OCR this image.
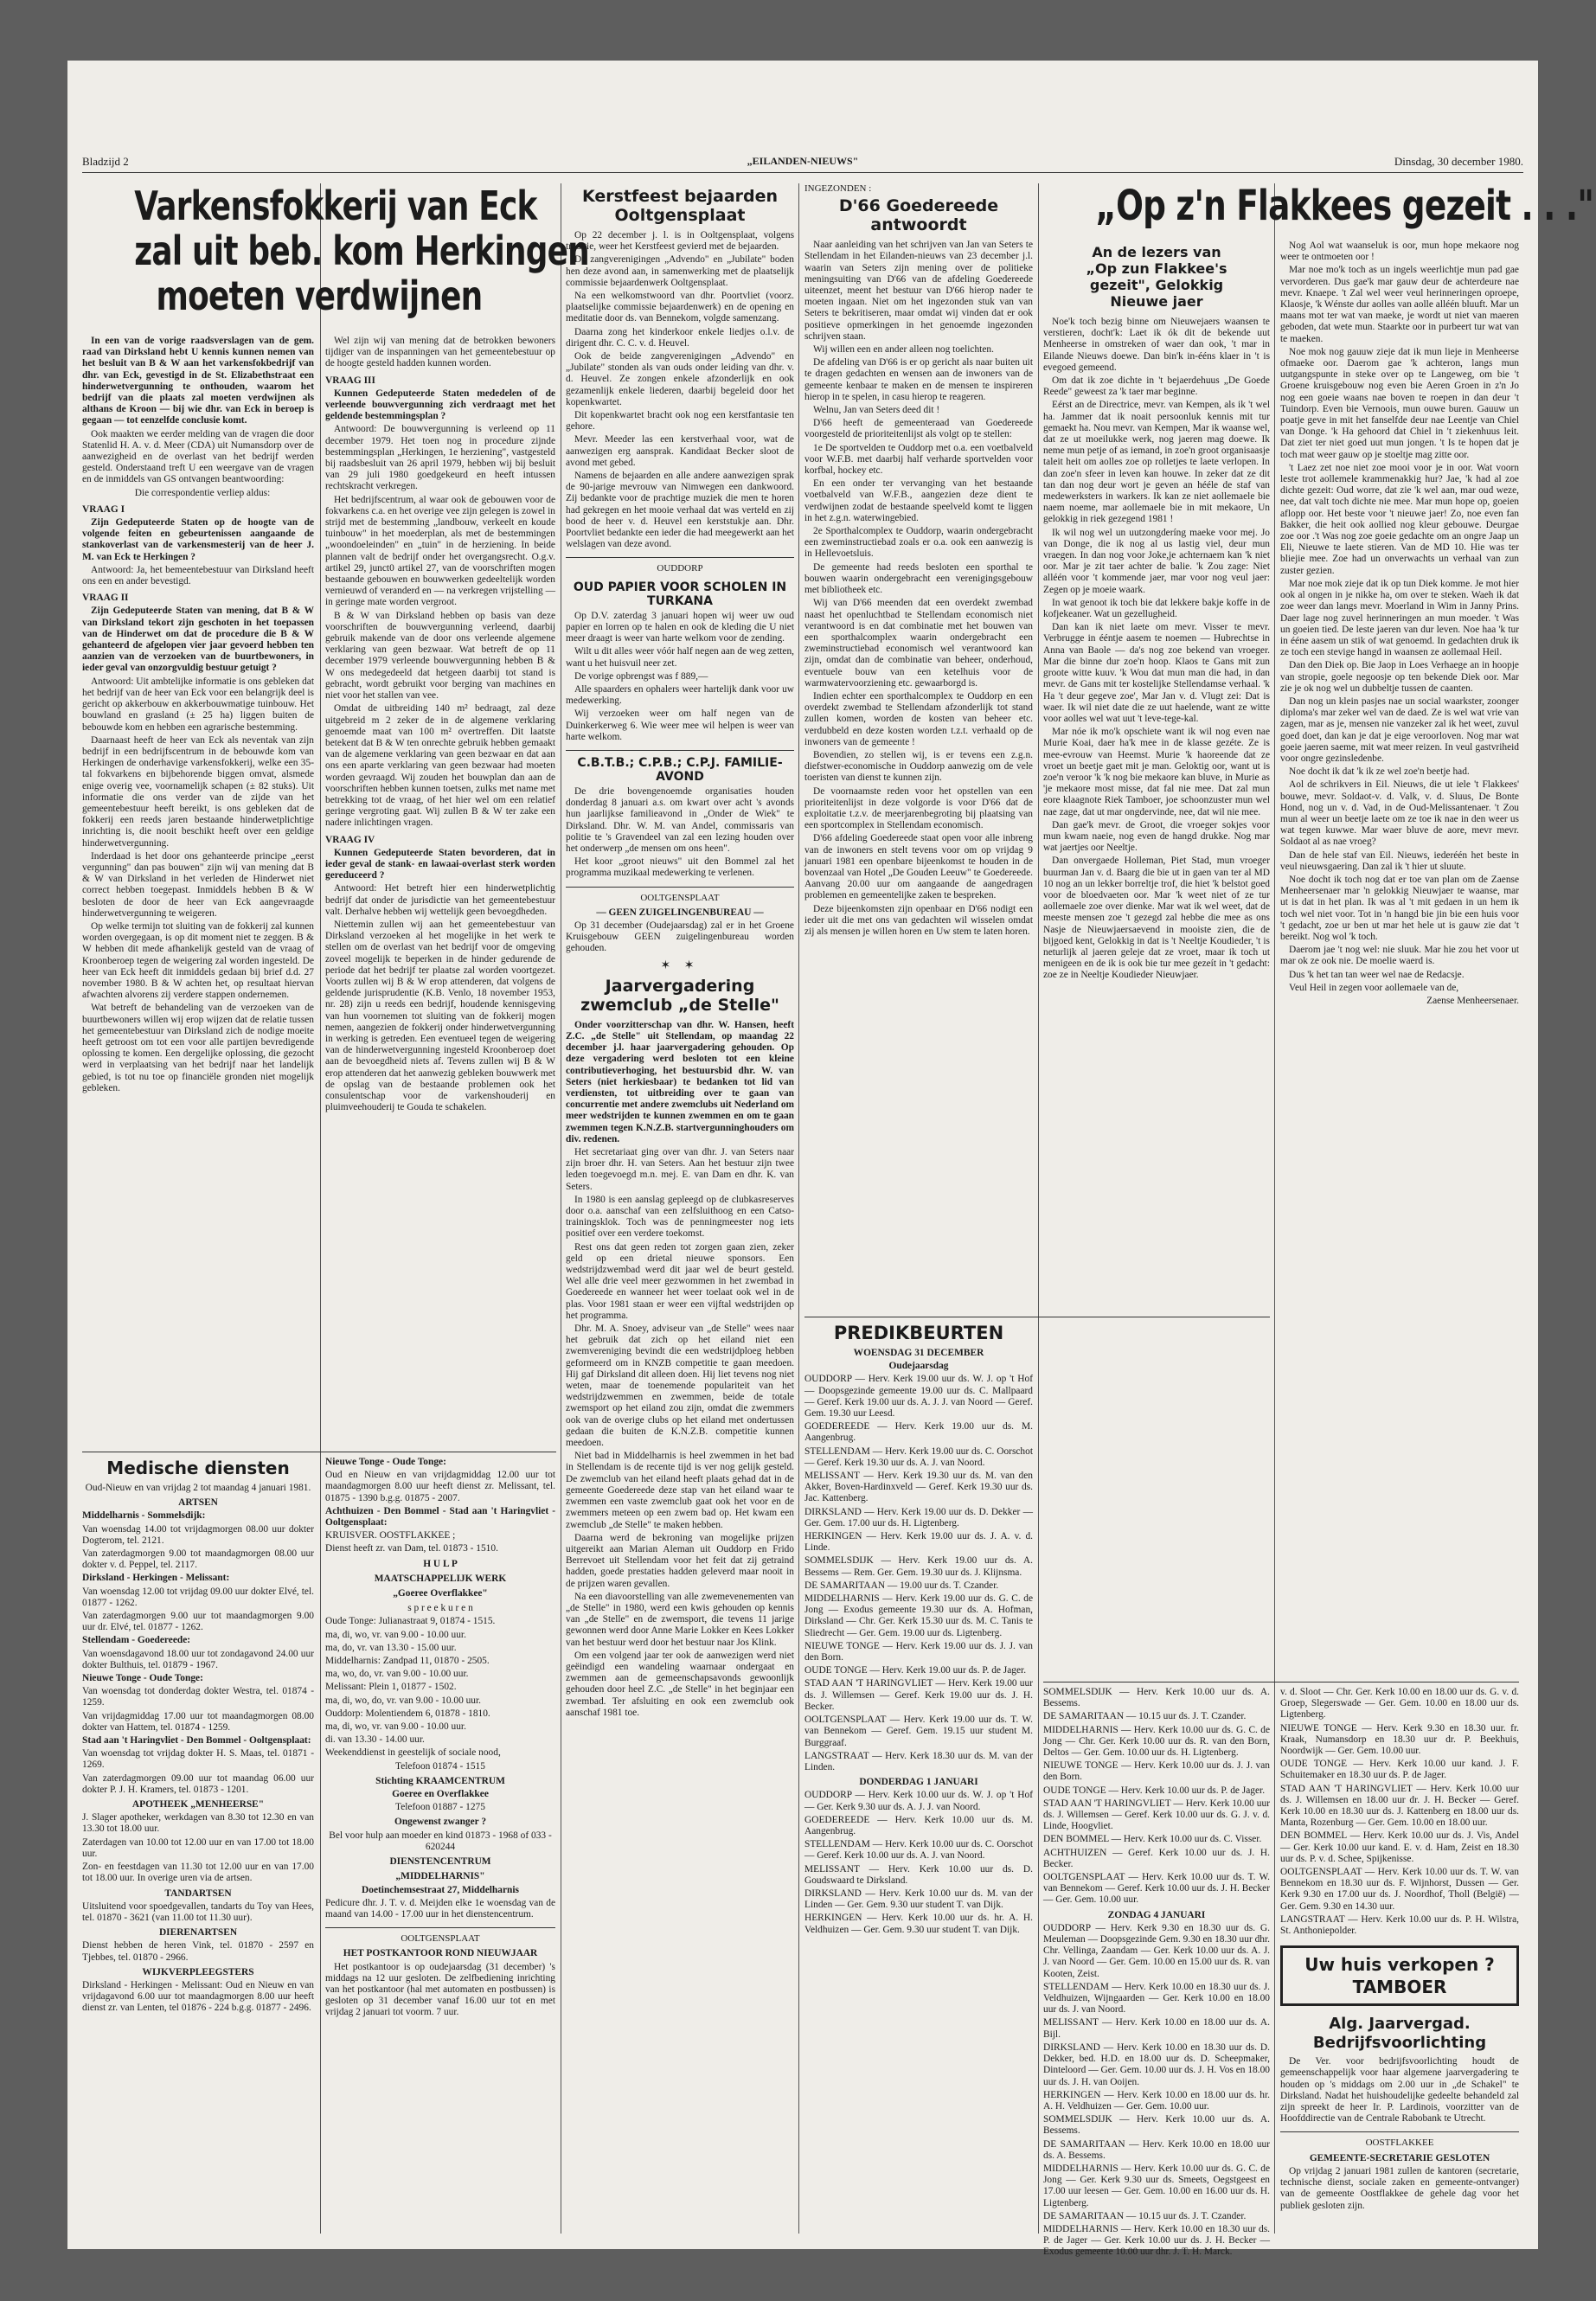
Bladzijd 2	„EILANDEN-NIEUWS"	Dinsdag, 30 december 1980.
Varkensfokkerij van Eck
zal uit beb. kom Herkingen
moeten verdwijnen

In een van de vorige raadsverslagen van de gem. raad van Dirksland hebt U kennis kunnen nemen van het besluit van B & W aan het varkensfokbedrijf van dhr. van Eck, gevestigd in de St. Elizabethstraat een hinderwetvergunning te onthouden, waarom het bedrijf van die plaats zal moeten verdwijnen als althans de Kroon — bij wie dhr. van Eck in beroep is gegaan — tot eenzelfde conclusie komt.

Ook maakten we eerder melding van de vragen die door Statenlid H. A. v. d. Meer (CDA) uit Numansdorp over de aanwezigheid en de overlast van het bedrijf werden gesteld. Onderstaand treft U een weergave van de vragen en de inmiddels van GS ontvangen beantwoording:

Die correspondentie verliep aldus:

VRAAG I

Zijn Gedeputeerde Staten op de hoogte van de volgende feiten en gebeurtenissen aangaande de stankoverlast van de varkensmesterij van de heer J. M. van Eck te Herkingen ?

Antwoord: Ja, het bemeentebestuur van Dirksland heeft ons een en ander bevestigd.

VRAAG II

Zijn Gedeputeerde Staten van mening, dat B & W van Dirksland tekort zijn geschoten in het toepassen van de Hinderwet om dat de procedure die B & W gehanteerd de afgelopen vier jaar gevoerd hebben ten aanzien van de verzoeken van de buurtbewoners, in ieder geval van onzorgvuldig bestuur getuigt ?

Antwoord: Uit ambtelijke informatie is ons gebleken dat het bedrijf van de heer van Eck voor een belangrijk deel is gericht op akkerbouw en akkerbouwmatige tuinbouw. Het bouwland en grasland (± 25 ha) liggen buiten de bebouwde kom en hebben een agrarische bestemming.

Daarnaast heeft de heer van Eck als neventak van zijn bedrijf in een bedrijfscentrum in de bebouwde kom van Herkingen de onderhavige varkensfokkerij, welke een 35-tal fokvarkens en bijbehorende biggen omvat, alsmede enige overig vee, voornamelijk schapen (± 82 stuks). Uit informatie die ons verder van de zijde van het gemeentebestuur heeft bereikt, is ons gebleken dat de fokkerij een reeds jaren bestaande hinderwetplichtige inrichting is, die nooit beschikt heeft over een geldige hinderwetvergunning.

Inderdaad is het door ons gehanteerde principe „eerst vergunning" dan pas bouwen" zijn wij van mening dat B & W van Dirksland in het verleden de Hinderwet niet correct hebben toegepast. Inmiddels hebben B & W besloten de door de heer van Eck aangevraagde hinderwetvergunning te weigeren.

Op welke termijn tot sluiting van de fokkerij zal kunnen worden overgegaan, is op dit moment niet te zeggen. B & W hebben dit mede afhankelijk gesteld van de vraag of Kroonberoep tegen de weigering zal worden ingesteld. De heer van Eck heeft dit inmiddels gedaan bij brief d.d. 27 november 1980. B & W achten het, op resultaat hiervan afwachten alvorens zij verdere stappen ondernemen.

Wat betreft de behandeling van de verzoeken van de buurtbewoners willen wij erop wijzen dat de relatie tussen het gemeentebestuur van Dirksland zich de nodige moeite heeft getroost om tot een voor alle partijen bevredigende oplossing te komen. Een dergelijke oplossing, die gezocht werd in verplaatsing van het bedrijf naar het landelijk gebied, is tot nu toe op financiële gronden niet mogelijk gebleken.

Wel zijn wij van mening dat de betrokken bewoners tijdiger van de inspanningen van het gemeentebestuur op de hoogte gesteld hadden kunnen worden.

VRAAG III

Kunnen Gedeputeerde Staten mededelen of de verleende bouwvergunning zich verdraagt met het geldende bestemmingsplan ?

Antwoord: De bouwvergunning is verleend op 11 december 1979. Het toen nog in procedure zijnde bestemmingsplan „Herkingen, 1e herziening", vastgesteld bij raadsbesluit van 26 april 1979, hebben wij bij besluit van 29 juli 1980 goedgekeurd en heeft intussen rechtskracht verkregen.

Het bedrijfscentrum, al waar ook de gebouwen voor de fokvarkens c.a. en het overige vee zijn gelegen is zowel in strijd met de bestemming „landbouw, verkeelt en koude tuinbouw" in het moederplan, als met de bestemmingen „woondoeleinden" en „tuin" in de herziening. In beide plannen valt de bedrijf onder het overgangsrecht. O.g.v. artikel 29, junct0 artikel 27, van de voorschriften mogen bestaande gebouwen en bouwwerken gedeeltelijk worden vernieuwd of veranderd en — na verkregen vrijstelling — in geringe mate worden vergroot.

B & W van Dirksland hebben op basis van deze voorschriften de bouwvergunning verleend, daarbij gebruik makende van de door ons verleende algemene verklaring van geen bezwaar. Wat betreft de op 11 december 1979 verleende bouwvergunning hebben B & W ons medegedeeld dat hetgeen daarbij tot stand is gebracht, wordt gebruikt voor berging van machines en niet voor het stallen van vee.

Omdat de uitbreiding 140 m² bedraagt, zal deze uitgebreid m 2 zeker de in de algemene verklaring genoemde maat van 100 m² overtreffen. Dit laatste betekent dat B & W ten onrechte gebruik hebben gemaakt van de algemene verklaring van geen bezwaar en dat aan ons een aparte verklaring van geen bezwaar had moeten worden gevraagd. Wij zouden het bouwplan dan aan de voorschriften hebben kunnen toetsen, zulks met name met betrekking tot de vraag, of het hier wel om een relatief geringe vergroting gaat. Wij zullen B & W ter zake een nadere inlichtingen vragen.

VRAAG IV

Kunnen Gedeputeerde Staten bevorderen, dat in ieder geval de stank- en lawaai-overlast sterk worden gereduceerd ?

Antwoord: Het betreft hier een hinderwetplichtig bedrijf dat onder de jurisdictie van het gemeentebestuur valt. Derhalve hebben wij wettelijk geen bevoegdheden.

Niettemin zullen wij aan het gemeentebestuur van Dirksland verzoeken al het mogelijke in het werk te stellen om de overlast van het bedrijf voor de omgeving zoveel mogelijk te beperken in de hinder gedurende de periode dat het bedrijf ter plaatse zal worden voortgezet. Voorts zullen wij B & W erop attenderen, dat volgens de geldende jurisprudentie (K.B. Venlo, 18 november 1953, nr. 28) zijn u reeds een bedrijf, houdende kennisgeving van hun voornemen tot sluiting van de fokkerij mogen nemen, aangezien de fokkerij onder hinderwetvergunning in werking is getreden. Een eventueel tegen de weigering van de hinderwetvergunning ingesteld Kroonberoep doet aan de bevoegdheid niets af. Tevens zullen wij B & W erop attenderen dat het aanwezig gebleken bouwwerk met de opslag van de bestaande problemen ook het consulentschap voor de varkenshouderij en pluimveehouderij te Gouda te schakelen.

Medische diensten

Oud-Nieuw en van vrijdag 2 tot maandag 4 januari 1981.

ARTSEN

Middelharnis - Sommelsdijk:

Van woensdag 14.00 tot vrijdagmorgen 08.00 uur dokter Dogterom, tel. 2121.

Van zaterdagmorgen 9.00 tot maandagmorgen 08.00 uur dokter v. d. Peppel, tel. 2117.

Dirksland - Herkingen - Melissant:

Van woensdag 12.00 tot vrijdag 09.00 uur dokter Elvé, tel. 01877 - 1262.

Van zaterdagmorgen 9.00 uur tot maandagmorgen 9.00 uur dr. Elvé, tel. 01877 - 1262.

Stellendam - Goedereede:

Van woensdagavond 18.00 uur tot zondagavond 24.00 uur dokter Bulthuis, tel. 01879 - 1967.

Nieuwe Tonge - Oude Tonge:

Van woensdag tot donderdag dokter Westra, tel. 01874 - 1259.

Van vrijdagmiddag 17.00 uur tot maandagmorgen 08.00 dokter van Hattem, tel. 01874 - 1259.

Stad aan 't Haringvliet - Den Bommel - Ooltgensplaat:

Van woensdag tot vrijdag dokter H. S. Maas, tel. 01871 - 1269.

Van zaterdagmorgen 09.00 uur tot maandag 06.00 uur dokter P. J. H. Kramers, tel. 01873 - 1201.

APOTHEEK „MENHEERSE"

J. Slager apotheker, werkdagen van 8.30 tot 12.30 en van 13.30 tot 18.00 uur.

Zaterdagen van 10.00 tot 12.00 uur en van 17.00 tot 18.00 uur.

Zon- en feestdagen van 11.30 tot 12.00 uur en van 17.00 tot 18.00 uur. In overige uren via de artsen.

TANDARTSEN

Uitsluitend voor spoedgevallen, tandarts du Toy van Hees, tel. 01870 - 3621 (van 11.00 tot 11.30 uur).

DIERENARTSEN

Dienst hebben de heren Vink, tel. 01870 - 2597 en Tjebbes, tel. 01870 - 2966.

WIJKVERPLEEGSTERS

Dirksland - Herkingen - Melissant: Oud en Nieuw en van vrijdagavond 6.00 uur tot maandagmorgen 8.00 uur heeft dienst zr. van Lenten, tel 01876 - 224 b.g.g. 01877 - 2496.

Nieuwe Tonge - Oude Tonge:

Oud en Nieuw en van vrijdagmiddag 12.00 uur tot maandagmorgen 8.00 uur heeft dienst zr. Melissant, tel. 01875 - 1390 b.g.g. 01875 - 2007.

Achthuizen - Den Bommel - Stad aan 't Haringvliet - Ooltgensplaat:

KRUISVER. OOSTFLAKKEE ;

Dienst heeft zr. van Dam, tel. 01873 - 1510.

H U L P
MAATSCHAPPELIJK WERK
„Goeree Overflakkee"
s p r e e k u r e n

Oude Tonge: Julianastraat 9, 01874 - 1515.

ma, di, wo, vr. van 9.00 - 10.00 uur.

ma, do, vr. van 13.30 - 15.00 uur.

Middelharnis: Zandpad 11, 01870 - 2505.

ma, wo, do, vr. van 9.00 - 10.00 uur.

Melissant: Plein 1, 01877 - 1502.

ma, di, wo, do, vr. van 9.00 - 10.00 uur.

Ouddorp: Molentiendem 6, 01878 - 1810.

ma, di, wo, vr. van 9.00 - 10.00 uur.

di. van 13.30 - 14.00 uur.

Weekenddienst in geestelijk of sociale nood,

Telefoon 01874 - 1515

Stichting KRAAMCENTRUM

Goeree en Overflakkee

Telefoon 01887 - 1275

Ongewenst zwanger ?

Bel voor hulp aan moeder en kind 01873 - 1968 of 033 - 620244

DIENSTENCENTRUM
„MIDDELHARNIS"

Doetinchemsestraat 27, Middelharnis

Pedicure dhr. J. T. v. d. Meijden elke 1e woensdag van de maand van 14.00 - 17.00 uur in het dienstencentrum.

OOLTGENSPLAAT

HET POSTKANTOOR ROND NIEUWJAAR

Het postkantoor is op oudejaarsdag (31 december) 's middags na 12 uur gesloten. De zelfbediening inrichting van het postkantoor (hal met automaten en postbussen) is gesloten op 31 december vanaf 16.00 uur tot en met vrijdag 2 januari tot voorm. 7 uur.

Kerstfeest bejaarden
Ooltgensplaat

Op 22 december j. l. is in Ooltgensplaat, volgens traditie, weer het Kerstfeest gevierd met de bejaarden.

De zangverenigingen „Advendo" en „Jubilate" boden hen deze avond aan, in samenwerking met de plaatselijk commissie bejaardenwerk Ooltgensplaat.

Na een welkomstwoord van dhr. Poortvliet (voorz. plaatselijke commissie bejaardenwerk) en de opening en meditatie door ds. van Bennekom, volgde samenzang.

Daarna zong het kinderkoor enkele liedjes o.l.v. de dirigent dhr. C. C. v. d. Heuvel.

Ook de beide zangverenigingen „Advendo" en „Jubilate" stonden als van ouds onder leiding van dhr. v. d. Heuvel. Ze zongen enkele afzonderlijk en ook gezamenlijk enkele liederen, daarbij begeleid door het kopenkwartet.

Dit kopenkwartet bracht ook nog een kerstfantasie ten gehore.

Mevr. Meeder las een kerstverhaal voor, wat de aanwezigen erg aansprak. Kandidaat Becker sloot de avond met gebed.

Namens de bejaarden en alle andere aanwezigen sprak de 90-jarige mevrouw van Nimwegen een dankwoord. Zij bedankte voor de prachtige muziek die men te horen had gekregen en het mooie verhaal dat was verteld en zij bood de heer v. d. Heuvel een kerststukje aan. Dhr. Poortvliet bedankte een ieder die had meegewerkt aan het welslagen van deze avond.

OUDDORP

OUD PAPIER VOOR SCHOLEN IN TURKANA

Op D.V. zaterdag 3 januari hopen wij weer uw oud papier en lorren op te halen en ook de kleding die U niet meer draagt is weer van harte welkom voor de zending.

Wilt u dit alles weer vóór half negen aan de weg zetten, want u het huisvuil neer zet.

De vorige opbrengst was f 889,—

Alle spaarders en ophalers weer hartelijk dank voor uw medewerking.

Wij verzoeken weer om half negen van de Duinkerkerweg 6. Wie weer mee wil helpen is weer van harte welkom.

C.B.T.B.; C.P.B.; C.P.J. FAMILIE-AVOND

De drie bovengenoemde organisaties houden donderdag 8 januari a.s. om kwart over acht 's avonds hun jaarlijkse familieavond in „Onder de Wiek" te Dirksland. Dhr. W. M. van Andel, commissaris van politie te 's Gravendeel van zal een lezing houden over het onderwerp „de mensen om ons heen".

Het koor „groot nieuws" uit den Bommel zal het programma muzikaal medewerking te verlenen.

OOLTGENSPLAAT

— GEEN ZUIGELINGENBUREAU —

Op 31 december (Oudejaarsdag) zal er in het Groene Kruisgebouw GEEN zuigelingenbureau worden gehouden.

✶ ✶
Jaarvergadering
zwemclub „de Stelle"

Onder voorzitterschap van dhr. W. Hansen, heeft Z.C. „de Stelle" uit Stellendam, op maandag 22 december j.l. haar jaarvergadering gehouden. Op deze vergadering werd besloten tot een kleine contributieverhoging, het bestuursbid dhr. W. van Seters (niet herkiesbaar) te bedanken tot lid van verdiensten, tot uitbreiding over te gaan van concurrentie met andere zwemclubs uit Nederland om meer wedstrijden te kunnen zwemmen en om te gaan zwemmen tegen K.N.Z.B. startvergunninghouders om div. redenen.

Het secretariaat ging over van dhr. J. van Seters naar zijn broer dhr. H. van Seters. Aan het bestuur zijn twee leden toegevoegd m.n. mej. E. van Dam en dhr. K. van Seters.

In 1980 is een aanslag gepleegd op de clubkasreserves door o.a. aanschaf van een zelfsluithoog en een Catso-trainingsklok. Toch was de penningmeester nog iets positief over een verdere toekomst.

Rest ons dat geen reden tot zorgen gaan zien, zeker geld op een drietal nieuwe sponsors. Een wedstrijdzwembad werd dit jaar wel de beurt gesteld. Wel alle drie veel meer gezwommen in het zwembad in Goedereede en wanneer het weer toelaat ook wel in de plas. Voor 1981 staan er weer een vijftal wedstrijden op het programma.

Dhr. M. A. Snoey, adviseur van „de Stelle" wees naar het gebruik dat zich op het eiland niet een zwemvereniging bevindt die een wedstrijdploeg hebben geformeerd om in KNZB competitie te gaan meedoen. Hij gaf Dirksland dit alleen doen. Hij liet tevens nog niet weten, maar de toenemende populariteit van het wedstrijdzwemmen en zwemmen, beide de totale zwemsport op het eiland zou zijn, omdat die zwemmers ook van de overige clubs op het eiland met ondertussen gedaan die buiten de K.N.Z.B. competitie kunnen meedoen.

Niet bad in Middelharnis is heel zwemmen in het bad in Stellendam is de recente tijd is ver nog gelijk gesteld. De zwemclub van het eiland heeft plaats gehad dat in de gemeente Goedereede deze stap van het eiland waar te zwemmen een vaste zwemclub gaat ook het voor en de zwemmers meteen op een zwem bad op. Het kwam een zwemclub „de Stelle" te maken hebben.

Daarna werd de bekroning van mogelijke prijzen uitgereikt aan Marian Aleman uit Ouddorp en Frido Berrevoet uit Stellendam voor het feit dat zij getraind hadden, goede prestaties hadden geleverd maar nooit in de prijzen waren gevallen.

Na een diavoorstelling van alle zwemevenementen van „de Stelle" in 1980, werd een kwis gehouden op kennis van „de Stelle" en de zwemsport, die tevens 11 jarige gewonnen werd door Anne Marie Lokker en Kees Lokker van het bestuur werd door het bestuur naar Jos Klink.

Om een volgend jaar ter ook de aanwezigen werd niet geëindigd een wandeling waarnaar ondergaat en zwemmen aan de gemeenschapsavonds gewoonlijk gehouden door heel Z.C. „de Stelle" in het beginjaar een zwembad. Ter afsluiting en ook een zwemclub ook aanschaf 1981 toe.

INGEZONDEN :

D'66 Goedereede
antwoordt

Naar aanleiding van het schrijven van Jan van Seters te Stellendam in het Eilanden-nieuws van 23 december j.l. waarin van Seters zijn mening over de politieke meningsuiting van D'66 van de afdeling Goedereede uiteenzet, meent het bestuur van D'66 hierop nader te moeten ingaan. Niet om het ingezonden stuk van van Seters te bekritiseren, maar omdat wij vinden dat er ook positieve opmerkingen in het genoemde ingezonden schrijven staan.

Wij willen een en ander alleen nog toelichten.

De afdeling van D'66 is er op gericht als naar buiten uit te dragen gedachten en wensen aan de inwoners van de gemeente kenbaar te maken en de mensen te inspireren hierop in te spelen, in casu hierop te reageren.

Welnu, Jan van Seters deed dit !

D'66 heeft de gemeenteraad van Goedereede voorgesteld de prioriteitenlijst als volgt op te stellen:

1e De sportvelden te Ouddorp met o.a. een voetbalveld voor W.F.B. met daarbij half verharde sportvelden voor korfbal, hockey etc.

En een onder ter vervanging van het bestaande voetbalveld van W.F.B., aangezien deze dient te verdwijnen zodat de bestaande speelveld komt te liggen in het z.g.n. waterwingebied.

2e Sporthalcomplex te Ouddorp, waarin ondergebracht een zweminstructiebad zoals er o.a. ook een aanwezig is in Hellevoetsluis.

De gemeente had reeds besloten een sporthal te bouwen waarin ondergebracht een verenigingsgebouw met bibliotheek etc.

Wij van D'66 meenden dat een overdekt zwembad naast het openluchtbad te Stellendam economisch niet verantwoord is en dat combinatie met het bouwen van een sporthalcomplex waarin ondergebracht een zweminstructiebad economisch wel verantwoord kan zijn, omdat dan de combinatie van beheer, onderhoud, eventuele bouw van een ketelhuis voor de warmwatervoorziening etc. gewaarborgd is.

Indien echter een sporthalcomplex te Ouddorp en een overdekt zwembad te Stellendam afzonderlijk tot stand zullen komen, worden de kosten van beheer etc. verdubbeld en deze kosten worden t.z.t. verhaald op de inwoners van de gemeente !

Bovendien, zo stellen wij, is er tevens een z.g.n. diefstwer-economische in Ouddorp aanwezig om de vele toeristen van dienst te kunnen zijn.

De voornaamste reden voor het opstellen van een prioriteitenlijst in deze volgorde is voor D'66 dat de exploitatie t.z.v. de meerjarenbegroting bij plaatsing van een sportcomplex in Stellendam economisch.

D'66 afdeling Goedereede staat open voor alle inbreng van de inwoners en stelt tevens voor om op vrijdag 9 januari 1981 een openbare bijeenkomst te houden in de bovenzaal van Hotel „De Gouden Leeuw" te Goedereede. Aanvang 20.00 uur om aangaande de aangedragen problemen en gemeentelijke zaken te bespreken.

Deze bijeenkomsten zijn openbaar en D'66 nodigt een ieder uit die met ons van gedachten wil wisselen omdat zij als mensen je willen horen en Uw stem te laten horen.

PREDIKBEURTEN
WOENSDAG 31 DECEMBER
Oudejaarsdag

OUDDORP — Herv. Kerk 19.00 uur ds. W. J. op 't Hof — Doopsgezinde gemeente 19.00 uur ds. C. Mallpaard — Geref. Kerk 19.00 uur ds. A. J. J. van Noord — Geref. Gem. 19.30 uur Leesd.

GOEDEREEDE — Herv. Kerk 19.00 uur ds. M. Aangenbrug.

STELLENDAM — Herv. Kerk 19.00 uur ds. C. Oorschot — Geref. Kerk 19.30 uur ds. A. J. van Noord.

MELISSANT — Herv. Kerk 19.30 uur ds. M. van den Akker, Boven-Hardinxveld — Geref. Kerk 19.30 uur ds. Jac. Kattenberg.

DIRKSLAND — Herv. Kerk 19.00 uur ds. D. Dekker — Ger. Gem. 17.00 uur ds. H. Ligtenberg.

HERKINGEN — Herv. Kerk 19.00 uur ds. J. A. v. d. Linde.

SOMMELSDIJK — Herv. Kerk 19.00 uur ds. A. Bessems — Rem. Ger. Gem. 19.30 uur ds. J. Klijnsma.

DE SAMARITAAN — 19.00 uur ds. T. Czander.

MIDDELHARNIS — Herv. Kerk 19.00 uur ds. G. C. de Jong — Exodus gemeente 19.30 uur ds. A. Hofman, Dirksland — Chr. Ger. Kerk 15.30 uur ds. M. C. Tanis te Sliedrecht — Ger. Gem. 19.00 uur ds. Ligtenberg.

NIEUWE TONGE — Herv. Kerk 19.00 uur ds. J. J. van den Born.

OUDE TONGE — Herv. Kerk 19.00 uur ds. P. de Jager.

STAD AAN 'T HARINGVLIET — Herv. Kerk 19.00 uur ds. J. Willemsen — Geref. Kerk 19.00 uur ds. J. H. Becker.

OOLTGENSPLAAT — Herv. Kerk 19.00 uur ds. T. W. van Bennekom — Geref. Gem. 19.15 uur student M. Burggraaf.

LANGSTRAAT — Herv. Kerk 18.30 uur ds. M. van der Linden.

DONDERDAG 1 JANUARI

OUDDORP — Herv. Kerk 10.00 uur ds. W. J. op 't Hof — Ger. Kerk 9.30 uur ds. A. J. J. van Noord.

GOEDEREEDE — Herv. Kerk 10.00 uur ds. M. Aangenbrug.

STELLENDAM — Herv. Kerk 10.00 uur ds. C. Oorschot — Geref. Kerk 10.00 uur ds. A. J. van Noord.

MELISSANT — Herv. Kerk 10.00 uur ds. D. Goudswaard te Dirksland.

DIRKSLAND — Herv. Kerk 10.00 uur ds. M. van der Linden — Ger. Gem. 9.30 uur student T. van Dijk.

HERKINGEN — Herv. Kerk 10.00 uur ds. hr. A. H. Veldhuizen — Ger. Gem. 9.30 uur student T. van Dijk.

SOMMELSDIJK — Herv. Kerk 10.00 uur ds. A. Bessems.

DE SAMARITAAN — 10.15 uur ds. J. T. Czander.

MIDDELHARNIS — Herv. Kerk 10.00 uur ds. G. C. de Jong — Chr. Ger. Kerk 10.00 uur ds. R. van den Born, Deltos — Ger. Gem. 10.00 uur ds. H. Ligtenberg.

NIEUWE TONGE — Herv. Kerk 10.00 uur ds. J. J. van den Born.

OUDE TONGE — Herv. Kerk 10.00 uur ds. P. de Jager.

STAD AAN 'T HARINGVLIET — Herv. Kerk 10.00 uur ds. J. Willemsen — Geref. Kerk 10.00 uur ds. G. J. v. d. Linde, Hoogvliet.

DEN BOMMEL — Herv. Kerk 10.00 uur ds. C. Visser.

ACHTHUIZEN — Geref. Kerk 10.00 uur ds. J. H. Becker.

OOLTGENSPLAAT — Herv. Kerk 10.00 uur ds. T. W. van Bennekom — Geref. Kerk 10.00 uur ds. J. H. Becker — Ger. Gem. 10.00 uur.

ZONDAG 4 JANUARI

OUDDORP — Herv. Kerk 9.30 en 18.30 uur ds. G. Meuleman — Doopsgezinde Gem. 9.30 en 18.30 uur dhr. Chr. Vellinga, Zaandam — Ger. Kerk 10.00 uur ds. A. J. J. van Noord — Ger. Gem. 10.00 en 15.00 uur ds. R. van Kooten, Zeist.

STELLENDAM — Herv. Kerk 10.00 en 18.30 uur ds. J. Veldhuizen, Wijngaarden — Ger. Kerk 10.00 en 18.00 uur ds. J. van Noord.

MELISSANT — Herv. Kerk 10.00 en 18.00 uur ds. A. Bijl.

DIRKSLAND — Herv. Kerk 10.00 en 18.30 uur ds. D. Dekker, bed. H.D. en 18.00 uur ds. D. Scheepmaker, Dinteloord — Ger. Gem. 10.00 uur ds. J. H. Vos en 18.00 uur ds. J. H. van Ooijen.

HERKINGEN — Herv. Kerk 10.00 en 18.00 uur ds. hr. A. H. Veldhuizen — Ger. Gem. 10.00 uur.

SOMMELSDIJK — Herv. Kerk 10.00 uur ds. A. Bessems.

DE SAMARITAAN — Herv. Kerk 10.00 en 18.00 uur ds. A. Bessems.

MIDDELHARNIS — Herv. Kerk 10.00 uur ds. G. C. de Jong — Ger. Kerk 9.30 uur ds. Smeets, Oegstgeest en 17.00 uur leesen — Ger. Gem. 10.00 en 16.00 uur ds. H. Ligtenberg.

DE SAMARITAAN — 10.15 uur ds. J. T. Czander.

MIDDELHARNIS — Herv. Kerk 10.00 en 18.30 uur ds. P. de Jager — Ger. Kerk 10.00 uur ds. J. H. Becker — Exodus gemeente 10.00 uur dhr. J. T. H. Marck.

„Op z'n Flakkees gezeit . . ."
An de lezers van
„Op zun Flakkee's
gezeit", Gelokkig
Nieuwe jaer

Noe'k toch bezig binne om Nieuwejaers waansen te verstieren, docht'k: Laet ik ók dit de bekende uut Menheerse in omstreken of waer dan ook, 't mar in Eilande Nieuws doewe. Dan bin'k in-ééns klaer in 't is evegoed gemeend.

Om dat ik zoe dichte in 't bejaerdehuus „De Goede Reede" geweest za 'k taer mar beginne.

Eérst an de Directrice, mevr. van Kempen, als ik 't wel ha. Jammer dat ik noait persoonluk kennis mit tur gemaekt ha. Nou mevr. van Kempen, Mar ik waanse wel, dat ze ut moeilukke werk, nog jaeren mag doewe. Ik neme mun petje of as iemand, in zoe'n groot organisaasje taleit heit om aolles zoe op rolletjes te laete verlopen. In dan zoe'n sfeer in leven kan houwe. In zeker dat ze dit tan dan nog deur wort je geven an hééle de staf van medewerksters in warkers. Ik kan ze niet aollemaele bie naem noeme, mar aollemaele bie in mit mekaore, Un gelokkig in riek gezegend 1981 !

Ik wil nog wel un uutzongderíng maeke voor mej. Jo van Donge, die ik nog al us lastig viel, deur mun vraegen. In dan nog voor Joke,je achternaem kan 'k niet oor. Mar je zit taer achter de balie. 'k Zou zage: Niet alléén voor 't kommende jaer, mar voor nog veul jaer: Zegen op je moeie waark.

In wat genoot ik toch bie dat lekkere bakje koffe in de kofjekeaner. Wat un gezellugheid.

Dan kan ik niet laete om mevr. Visser te mevr. Verbrugge in ééntje aasem te noemen — Hubrechtse in Anna van Baole — da's nog zoe bekend van vroeger. Mar die binne dur zoe'n hoop. Klaos te Gans mit zun groote witte kuuv. 'k Wou dat mun man die had, in dan mevr. de Gans mit ter kostelijke Stellendamse verhaal. 'k Ha 't deur gegeve zoe', Mar Jan v. d. Vlugt zei: Dat is waer. Ik wil niet date die ze uut haelende, want ze witte voor aolles wel wat uut 't leve-tege-kal.

Mar nóe ik mo'k opschiete want ik wil nog even nae Murie Koai, daer ha'k mee in de klasse gezéte. Ze is mee-evrouw van Heemst. Murie 'k haoreende dat ze vroet un beetje gaet mit je man. Geloktig oor, want ut is zoe'n veroor 'k 'k nog bie mekaore kan bluve, in Murie as 'je mekaore most misse, dat fal nie mee. Dat zal mun eore klaagnote Riek Tamboer, joe schoonzuster mun wel nae zage, dat ut mar ongdervinde, nee, dat wil nie mee.

Dan gae'k mevr. de Groot, die vroeger sokjes voor mun kwam naeie, nog even de hangd drukke. Nog mar wat jaertjes oor Neeltje.

Dan onvergaede Holleman, Piet Stad, mun vroeger buurman Jan v. d. Baarg die bie ut in gaen van ter al MD 10 nog an un lekker borreltje trof, die hiet 'k belstot goed voor de bloedvaeten oor. Mar 'k weet niet of ze tur aollemaele zoe over dienke. Mar wat ik wel weet, dat de meeste mensen zoe 't gezegd zal hebbe die mee as ons Nasje de Nieuwjaersaevend in mooiste zien, die de bijgoed kent, Gelokkig in dat is 't Neeltje Koudieder, 't is neturlijk al jaeren geleje dat ze vroet, maar ik toch ut menigeen en de ik is ook bie tur mee gezeít in 't gedacht: zoe ze in Neeltje Koudieder Nieuwjaer.

Nog Aol wat waanseluk is oor, mun hope mekaore nog weer te ontmoeten oor !

Mar noe mo'k toch as un ingels weerlichtje mun pad gae vervorderen. Dus gae'k mar gauw deur de achterdeure nae mevr. Knaepe. 't Zal wel weer veul herinneringen oproepe, Klaosje, 'k Wénste dur aolles van aolle alléén bluuft. Mar un maans mot ter wat van maeke, je wordt ut niet van maeren geboden, dat wete mun. Staarkte oor in purbeert tur wat van te maeken.

Noe mok nog gauuw zieje dat ik mun lieje in Menheerse ofmaeke oor. Daerom gae 'k achteron, langs mun uutgangspunte in steke over op te Langeweg, om bie 't Groene kruisgebouw nog even bie Aeren Groen in z'n Jo nog een goeie waans nae boven te roepen in dan deur 't Tuindorp. Even bie Vernoois, mun ouwe buren. Gauuw un poatje geve in mit het fanselfde deur nae Leentje van Chiel van Donge. 'k Ha gehoord dat Chiel in 't ziekenhuus leit. Dat ziet ter niet goed uut mun jongen. 't Is te hopen dat je toch mat weer gauw op je stoeltje mag zitte oor.

't Laez zet noe niet zoe mooi voor je in oor. Wat voorn leste trot aollemele krammenakkig hur? Jae, 'k had al zoe dichte gezeit: Oud worre, dat zie 'k wel aan, mar oud weze, nee, dat valt toch dichte nie mee. Mar mun hope op, goeien aflopp oor. Het beste voor 't nieuwe jaer! Zo, noe even fan Bakker, die heit ook aollied nog kleur gebouwe. Deurgae zoe oor .'t Was nog zoe goeie gedachte om an ongre Jaap un Eli, Nieuwe te laete stieren. Van de MD 10. Hie was ter bliejie mee. Zoe had un onverwachts un verhaal van zun zuster gezien.

Mar noe mok zieje dat ik op tun Diek komme. Je mot hier ook al ongen in je nikke ha, om over te steken. Waeh ik dat zoe weer dan langs mevr. Moerland in Wim in Janny Prins. Daer lage nog zuvel herinneringen an mun moeder. 't Was un goeien tied. De leste jaeren van dur leven. Noe haa 'k tur in ééne aasem un stik of wat genoemd. In gedachten druk ik ze toch een stevige hangd in waansen ze aollemaal Heil.

Dan den Diek op. Bie Jaop in Loes Verhaege an in hoopje van stropie, goele negoosje op ten bekende Diek oor. Mar zie je ok nog wel un dubbeltje tussen de caanten.

Dan nog un klein pasjes nae un social waarkster, zoonger diploma's mar zeker wel van de daed. Ze is wel wat vrie van zagen, mar as je, mensen nie vanzeker zal ik het weet, zuvul goed doet, dan kan je dat je eige veroorloven. Nog mar wat goeie jaeren saeme, mit wat meer reizen. In veul gastvriheid voor ongre gezinsledenbe.

Noe docht ik dat 'k ik ze wel zoe'n beetje had.

Aol de schrikvers in Eil. Nieuws, die ut iele 't Flakkees' bouwe, mevr. Soldaot-v. d. Valk, v. d. Sluus, De Bonte Hond, nog un v. d. Vad, in de Oud-Melissantenaer. 't Zou mun al weer un beetje laete om ze toe ik nae in den weer us wat tegen kuwwe. Mar waer bluve de aore, mevr mevr. Soldaot al as nae vroeg?

Dan de hele staf van Eil. Nieuws, iederéén het beste in veul nieuwsgaering. Dan zal ik 't hier ut sluute.

Noe docht ik toch nog dat er toe van plan om de Zaense Menheersenaer mar 'n gelokkig Nieuwjaer te waanse, mar ut is dat in het plan. Ik was al 't mit gedaen in un hem ik toch wel niet voor. Tot in 'n hangd bie jin bie een huis voor 't gedacht, zoe ur ben ut mar het hele ut is gauw zie dat 't bereikt. Nog wol 'k toch.

Daerom jae 't nog wel: nie sluuk. Mar hie zou het voor ut mar ok ze ook nie. De moelie waerd is.

Dus 'k het tan tan weer wel nae de Redacsje.

Veul Heil in zegen voor aollemaele van de,

Zaense Menheersenaer.

v. d. Sloot — Chr. Ger. Kerk 10.00 en 18.00 uur ds. G. v. d. Groep, Slegerswade — Ger. Gem. 10.00 en 18.00 uur ds. Ligtenberg.

NIEUWE TONGE — Herv. Kerk 9.30 en 18.30 uur. fr. Kraak, Numansdorp en 18.30 uur dr. P. Beekhuis, Noordwijk — Ger. Gem. 10.00 uur.

OUDE TONGE — Herv. Kerk 10.00 uur kand. J. F. Schuitemaker en 18.30 uur ds. P. de Jager.

STAD AAN 'T HARINGVLIET — Herv. Kerk 10.00 uur ds. J. Willemsen en 18.00 uur dr. J. H. Becker — Geref. Kerk 10.00 en 18.30 uur ds. J. Kattenberg en 18.00 uur ds. Manta, Rozenburg — Ger. Gem. 10.00 en 18.00 uur.

DEN BOMMEL — Herv. Kerk 10.00 uur ds. J. Vis, Andel — Ger. Kerk 10.00 uur kand. E. v. d. Ham, Zeist en 18.30 uur ds. P. v. d. Schee, Spijkenisse.

OOLTGENSPLAAT — Herv. Kerk 10.00 uur ds. T. W. van Bennekom en 18.30 uur ds. F. Wijnhorst, Dussen — Ger. Kerk 9.30 en 17.00 uur ds. J. Noordhof, Tholl (België) — Ger. Gem. 9.30 en 14.30 uur.

LANGSTRAAT — Herv. Kerk 10.00 uur ds. P. H. Wilstra, St. Anthoniepolder.

Uw huis verkopen ?
TAMBOER
Alg. Jaarvergad.
Bedrijfsvoorlichting

De Ver. voor bedrijfsvoorlichting houdt de gemeenschappelijk voor haar algemene jaarvergadering te houden op 's middags om 2.00 uur in „de Schakel" te Dirksland. Nadat het huishoudelijke gedeelte behandeld zal zijn spreekt de heer Ir. P. Lardinois, voorzitter van de Hoofddirectie van de Centrale Rabobank te Utrecht.

OOSTFLAKKEE

GEMEENTE-SECRETARIE GESLOTEN

Op vrijdag 2 januari 1981 zullen de kantoren (secretarie, technische dienst, sociale zaken en gemeente-ontvanger) van de gemeente Oostflakkee de gehele dag voor het publiek gesloten zijn.
